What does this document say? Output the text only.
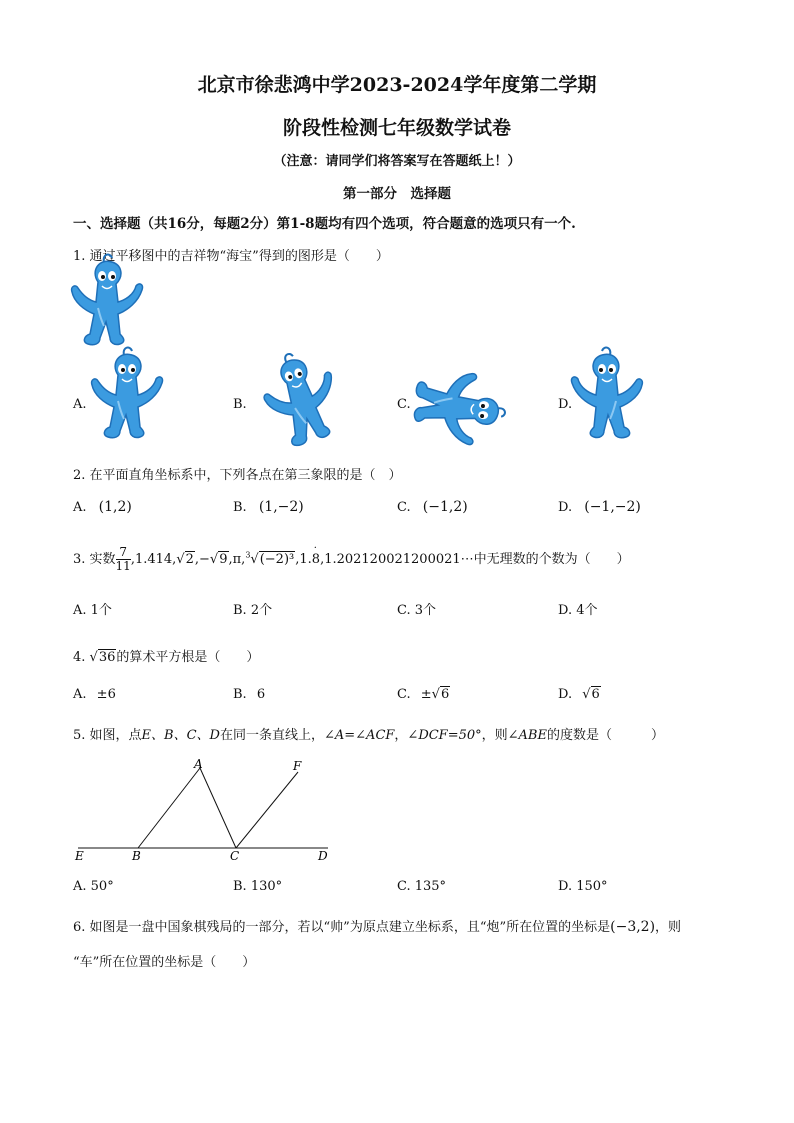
北京市徐悲鸿中学2023-2024学年度第二学期
阶段性检测七年级数学试卷
（注意：请同学们将答案写在答题纸上！）
第一部分　选择题
一、选择题（共16分，每题2分）第1-8题均有四个选项，符合题意的选项只有一个.
1. 通过平移图中的吉祥物“海宝”得到的图形是（　　）
A.	B.	C.	D.
2. 在平面直角坐标系中，下列各点在第三象限的是（　）
A. (1,2)	B. (1,−2)	C. (−1,2)	D. (−1,−2)
3. 实数 $\frac{7}{11} ,1.414,√2,-√9,\pi,^3√(-2)^3,1.8$
·
,1.202120021200021⋯中无理数的个数为（　　）
A. 1个	B. 2个	C. 3个	D. 4个
4. √36的算术平方根是（　　）
A. ±6	B. 6	C. ±√6	D. √6
5. 如图，点E、B、C、D在同一条直线上，∠A=∠ACF，∠DCF=50°，则∠ABE的度数是（　　　）
A	F
E	B	C	D
A. 50°	B. 130°	C. 135°	D. 150°
6. 如图是一盘中国象棋残局的一部分，若以“帅”为原点建立坐标系，且“炮”所在位置的坐标是(−3,2)，则
“车”所在位置的坐标是（　　）
